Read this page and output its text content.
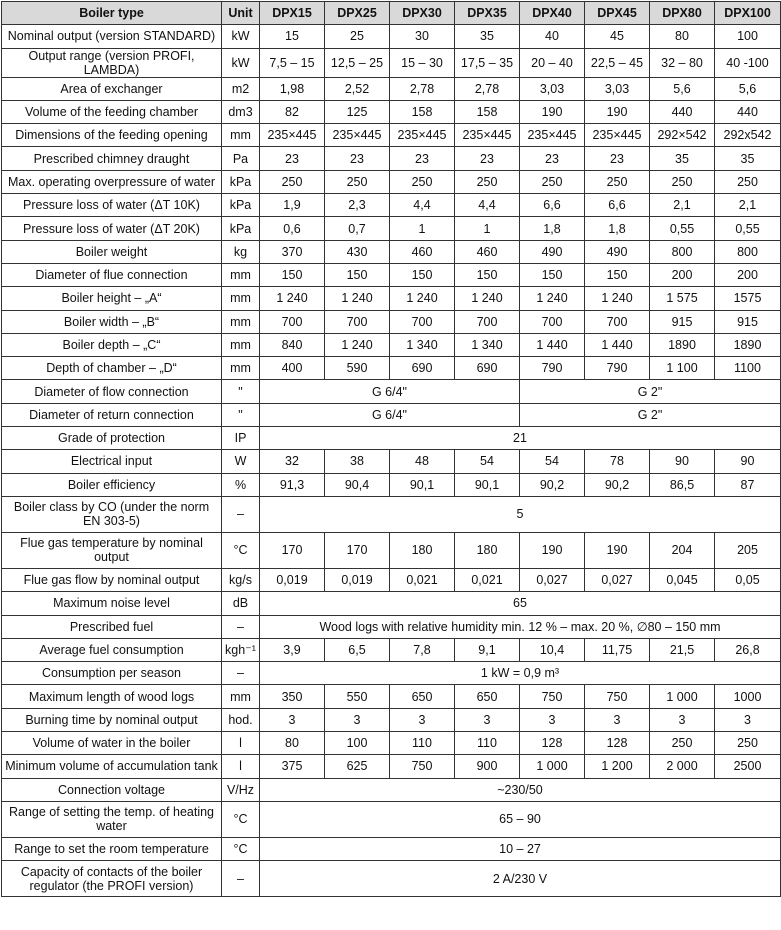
Boiler type	Unit	DPX15	DPX25	DPX30	DPX35	DPX40	DPX45	DPX80	DPX100
Nominal output (version STANDARD)	kW	15	25	30	35	40	45	80	100
Output range (version PROFI, LAMBDA)	kW	7,5 – 15	12,5 – 25	15 – 30	17,5 – 35	20 – 40	22,5 – 45	32 – 80	40 -100
Area of exchanger	m2	1,98	2,52	2,78	2,78	3,03	3,03	5,6	5,6
Volume of the feeding chamber	dm3	82	125	158	158	190	190	440	440
Dimensions of the feeding opening	mm	235×445	235×445	235×445	235×445	235×445	235×445	292×542	292x542
Prescribed chimney draught	Pa	23	23	23	23	23	23	35	35
Max. operating overpressure of water	kPa	250	250	250	250	250	250	250	250
Pressure loss of water (ΔT 10K)	kPa	1,9	2,3	4,4	4,4	6,6	6,6	2,1	2,1
Pressure loss of water (ΔT 20K)	kPa	0,6	0,7	1	1	1,8	1,8	0,55	0,55
Boiler weight	kg	370	430	460	460	490	490	800	800
Diameter of flue connection	mm	150	150	150	150	150	150	200	200
Boiler height – „A“	mm	1 240	1 240	1 240	1 240	1 240	1 240	1 575	1575
Boiler width – „B“	mm	700	700	700	700	700	700	915	915
Boiler depth – „C“	mm	840	1 240	1 340	1 340	1 440	1 440	1890	1890
Depth of chamber – „D“	mm	400	590	690	690	790	790	1 100	1100
Diameter of flow connection	"	G 6/4"				G 2"			
Diameter of return connection	"	G 6/4"				G 2"			
Grade of protection	IP	21							
Electrical input	W	32	38	48	54	54	78	90	90
Boiler efficiency	%	91,3	90,4	90,1	90,1	90,2	90,2	86,5	87
Boiler class by CO (under the norm EN 303-5)	–	5							
Flue gas temperature by nominal output	°C	170	170	180	180	190	190	204	205
Flue gas flow by nominal output	kg/s	0,019	0,019	0,021	0,021	0,027	0,027	0,045	0,05
Maximum noise level	dB	65							
Prescribed fuel	–	Wood logs with relative humidity min. 12 % – max. 20 %, ∅80 – 150 mm							
Average fuel consumption	kgh⁻¹	3,9	6,5	7,8	9,1	10,4	11,75	21,5	26,8
Consumption per season	–	1 kW = 0,9 m³							
Maximum length of wood logs	mm	350	550	650	650	750	750	1 000	1000
Burning time by nominal output	hod.	3	3	3	3	3	3	3	3
Volume of water in the boiler	l	80	100	110	110	128	128	250	250
Minimum volume of accumulation tank	l	375	625	750	900	1 000	1 200	2 000	2500
Connection voltage	V/Hz	~230/50							
Range of setting the temp. of heating water	°C	65 – 90							
Range to set the room temperature	°C	10 – 27							
Capacity of contacts of the boiler regulator (the PROFI version)	–	2 A/230 V							
